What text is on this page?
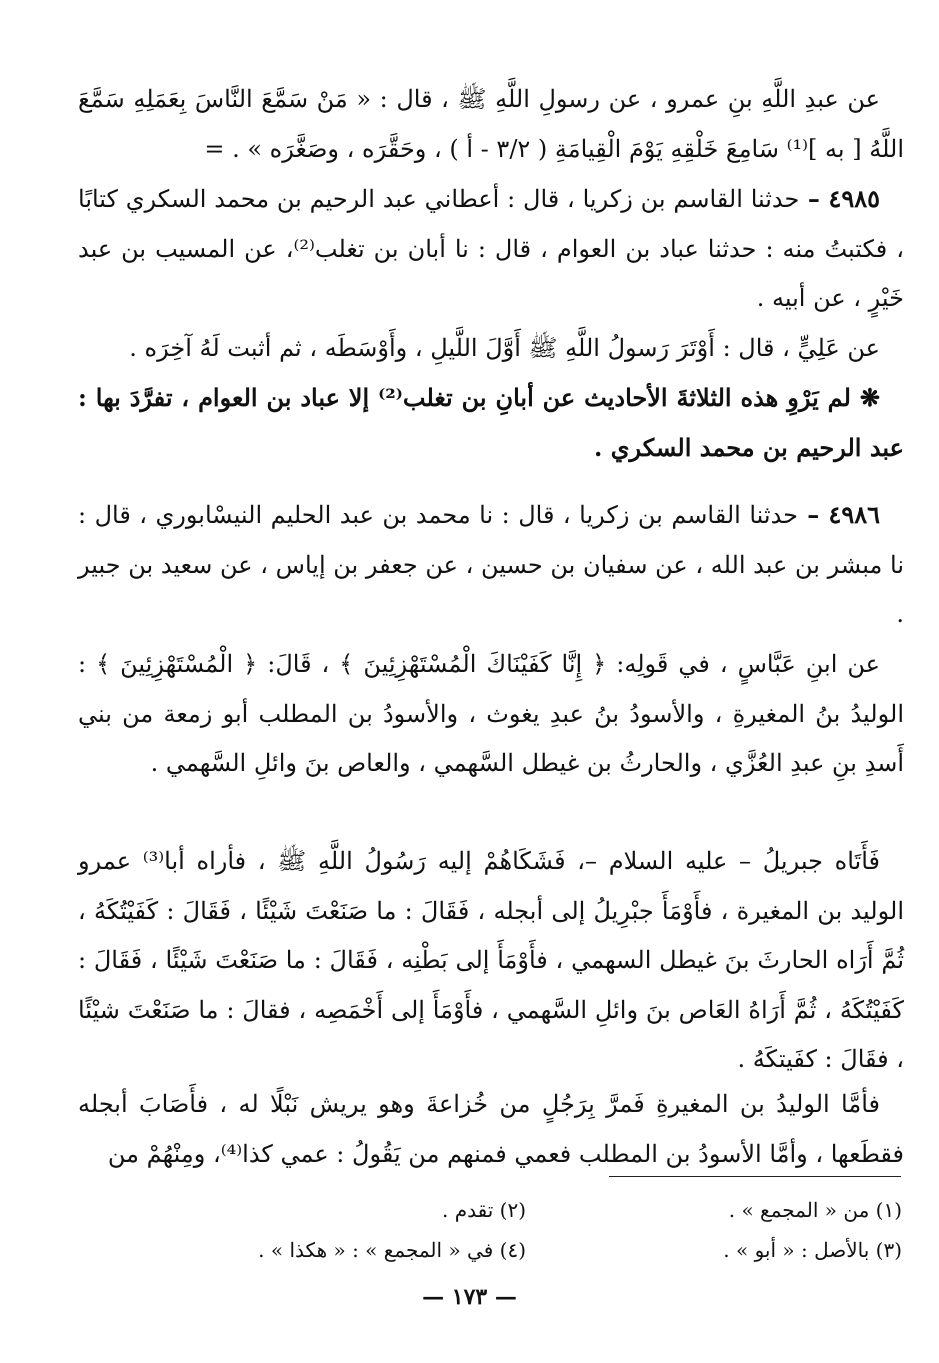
عن عبدِ اللَّهِ بنِ عمرو ، عن رسولِ اللَّهِ ﷺ ، قال : « مَنْ سَمَّعَ النَّاسَ بِعَمَلِهِ سَمَّعَ اللَّهُ [ به ]⁽¹⁾ سَامِعَ خَلْقِهِ يَوْمَ الْقِيامَةِ ( ٣/٢ - أ ) ، وحَقَّرَه ، وصَغَّرَه » . =

٤٩٨٥ – حدثنا القاسم بن زكريا ، قال : أعطاني عبد الرحيم بن محمد السكري كتابًا ، فكتبتُ منه : حدثنا عباد بن العوام ، قال : نا أبان بن تغلب⁽²⁾، عن المسيب بن عبد خَيْرٍ ، عن أبيه .

عن عَلِيٍّ ، قال : أَوْتَرَ رَسولُ اللَّهِ ﷺ أَوَّلَ اللَّيلِ ، وأَوْسَطَه ، ثم أثبت لَهُ آخِرَه .

❋ لم يَرْوِ هذه الثلاثةَ الأحاديث عن أبانِ بن تغلب⁽²⁾ إلا عباد بن العوام ، تفرَّدَ بها : عبد الرحيم بن محمد السكري .

٤٩٨٦ – حدثنا القاسم بن زكريا ، قال : نا محمد بن عبد الحليم النيسْابوري ، قال : نا مبشر بن عبد الله ، عن سفيان بن حسين ، عن جعفر بن إياس ، عن سعيد بن جبير .

عن ابنِ عَبَّاسٍ ، في قَولِه: ﴿ إِنَّا كَفَيْنَاكَ الْمُسْتَهْزِئِينَ ﴾ ، قَالَ: ﴿ الْمُسْتَهْزِئِينَ ﴾ : الوليدُ بنُ المغيرةِ ، والأسودُ بنُ عبدِ يغوث ، والأسودُ بن المطلب أبو زمعة من بني أَسدِ بنِ عبدِ العُزَّي ، والحارثُ بن غيطل السَّهمي ، والعاص بنَ وائلِ السَّهمي .

فَأَتَاه جبريلُ – عليه السلام –، فَشَكَاهُمْ إليه رَسُولُ اللَّهِ ﷺ ، فأراه أبا⁽³⁾ عمرو الوليد بن المغيرة ، فأَوْمَأَ جبْرِيلُ إلى أبجله ، فَقَالَ : ما صَنَعْتَ شَيْئًا ، فَقَالَ : كَفَيْتُكَهُ ، ثُمَّ أَرَاه الحارثَ بنَ غيطل السهمي ، فأَوْمَأَ إلى بَطْنِه ، فَقَالَ : ما صَنَعْتَ شَيْئًا ، فَقَالَ : كَفَيْتُكَهُ ، ثُمَّ أَرَاهُ العَاص بنَ وائلِ السَّهمي ، فأَوْمَأَ إلى أَخْمَصِه ، فقالَ : ما صَنَعْتَ شيْئًا ، فقَالَ : كفَيتكَهُ .

فأمَّا الوليدُ بن المغيرةِ فَمرَّ بِرَجُلٍ من خُزاعةَ وهو يريش نَبْلًا له ، فأَصَابَ أبجله فقطَعها ، وأمَّا الأسودُ بن المطلب فعمي فمنهم من يَقُولُ : عمي كذا⁽⁴⁾، ومِنْهُمْ من

(١) من « المجمع » .
(٢) تقدم .
(٣) بالأصل : « أبو » .
(٤) في « المجمع » : « هكذا » .
— ١٧٣ —
